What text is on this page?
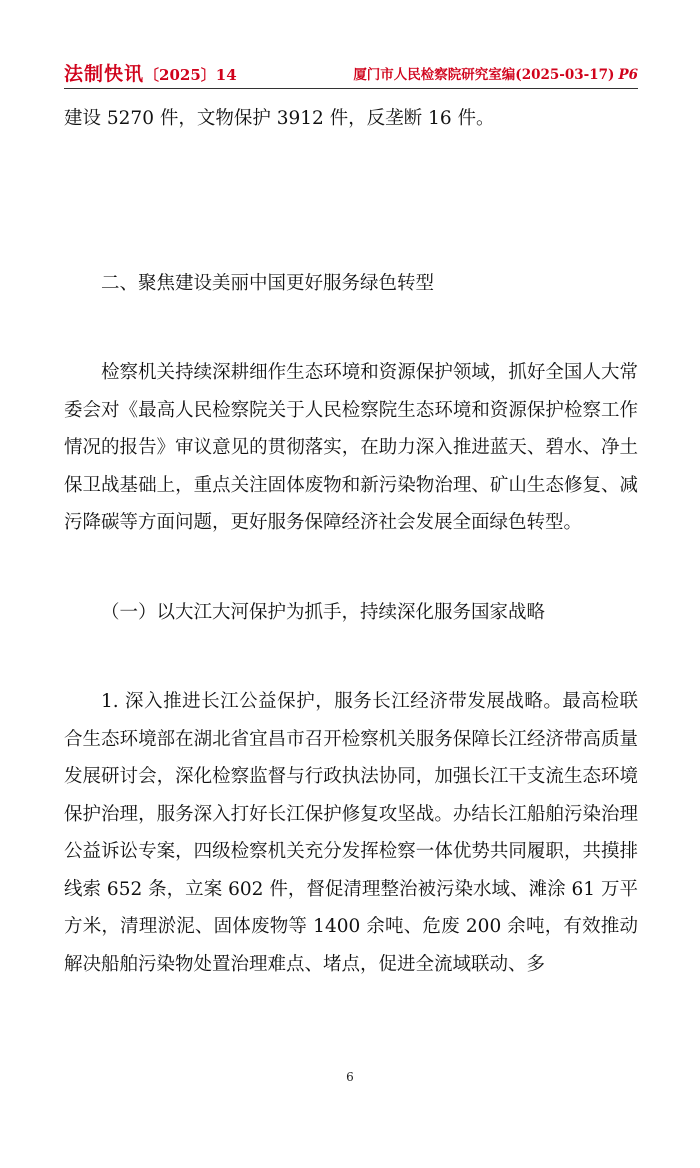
法制快讯〔2025〕14	厦门市人民检察院研究室编(2025-03-17) P6

建设 5270 件，文物保护 3912 件，反垄断 16 件。

二、聚焦建设美丽中国更好服务绿色转型

检察机关持续深耕细作生态环境和资源保护领域，抓好全国人大常委会对《最高人民检察院关于人民检察院生态环境和资源保护检察工作情况的报告》审议意见的贯彻落实，在助力深入推进蓝天、碧水、净土保卫战基础上，重点关注固体废物和新污染物治理、矿山生态修复、减污降碳等方面问题，更好服务保障经济社会发展全面绿色转型。

（一）以大江大河保护为抓手，持续深化服务国家战略

1. 深入推进长江公益保护，服务长江经济带发展战略。最高检联合生态环境部在湖北省宜昌市召开检察机关服务保障长江经济带高质量发展研讨会，深化检察监督与行政执法协同，加强长江干支流生态环境保护治理，服务深入打好长江保护修复攻坚战。办结长江船舶污染治理公益诉讼专案，四级检察机关充分发挥检察一体优势共同履职，共摸排线索 652 条，立案 602 件，督促清理整治被污染水域、滩涂 61 万平方米，清理淤泥、固体废物等 1400 余吨、危废 200 余吨，有效推动解决船舶污染物处置治理难点、堵点，促进全流域联动、多

6
